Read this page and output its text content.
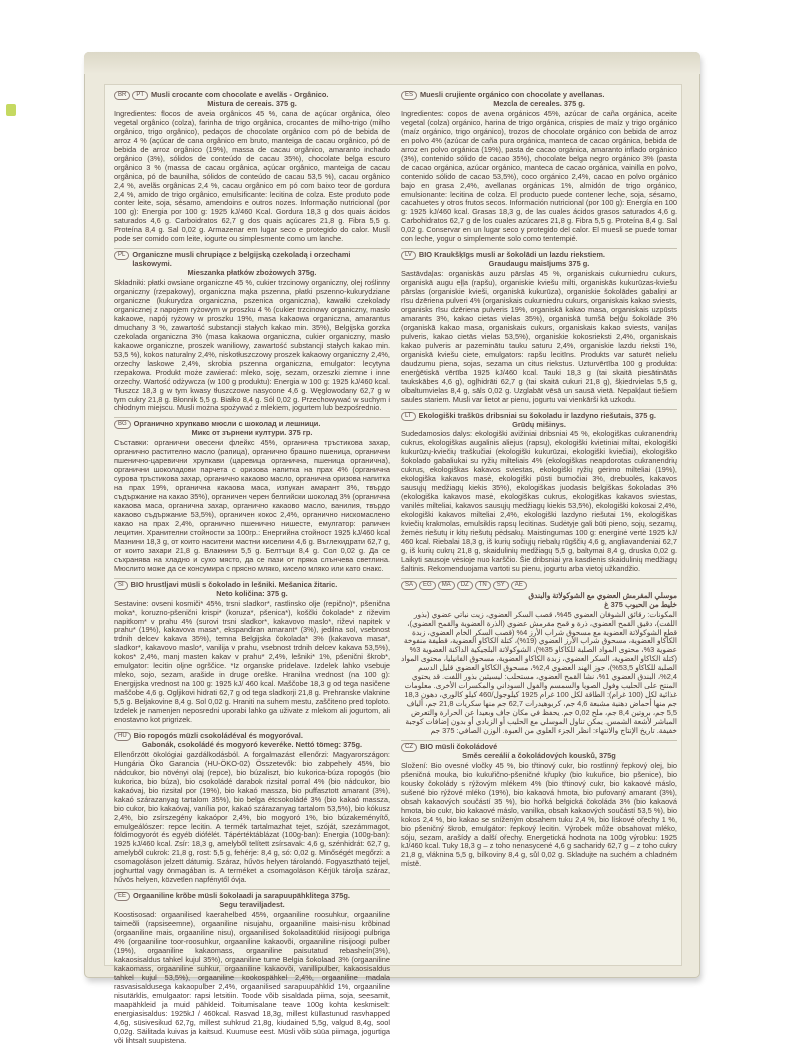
BR	PT Musli crocante com chocolate e avelãs - Orgânico.
Mistura de cereais. 375 g.

Ingredientes: flocos de aveia orgânicos 45 %, cana de açúcar orgânica, óleo vegetal orgânico (colza), farinha de trigo orgânica, crocantes de milho-trigo (milho orgânico, trigo orgânico), pedaços de chocolate orgânico com pó de bebida de arroz 4 % (açúcar de cana orgânico em bruto, manteiga de cacau orgânico, pó de bebida de arroz orgânico (19%), massa de cacau orgânico, amaranto inchado orgânico (3%), sólidos de conteúdo de cacau 35%), chocolate belga escuro orgânico 3 % (massa de cacau orgânica, açúcar orgânico, manteiga de cacau orgânica, pó de baunilha, sólidos de conteúdo de cacau 53,5 %), cacau orgânico 2,4 %, avelãs orgânicas 2,4 %, cacau orgânico em pó com baixo teor de gordura 2,4 %, amido de trigo orgânico, emulsificante: lecitina de colza. Este produto pode conter leite, soja, sésamo, amendoins e outros nozes. Informação nutricional (por 100 g): Energia por 100 g: 1925 kJ/460 Kcal. Gordura 18,3 g dos quais ácidos saturados 4,6 g. Carboidratos 62,7 g dos quais açúcares 21,8 g. Fibra 5,5 g. Proteína 8,4 g. Sal 0,02 g. Armazenar em lugar seco e protegido do calor. Muslí pode ser comido com leite, iogurte ou simplesmente como um lanche.

PL Organiczne musli chrupiące z belgijską czekoladą i orzechami laskowymi.
Mieszanka płatków zbożowych 375g.

Składniki: płatki owsiane organiczne 45 %, cukier trzcinowy organiczny, olej roślinny organiczny (rzepakowy), organiczna mąka pszenna, płatki pszenno-kukurydziane organiczne (kukurydza organiczna, pszenica organiczna), kawałki czekolady organicznej z napojem ryżowym w proszku 4 % (cukier trzcinowy organiczny, masło kakaowe, napój ryżowy w proszku 19%, masa kakaowa organiczna, amarantus dmuchany 3 %, zawartość substancji stałych kakao min. 35%), Belgijska gorzka czekolada organiczna 3% (masa kakaowa organiczna, cukier organiczny, masło kakaowe organiczne, proszek waniliowy, zawartość substancji stałych kakao min. 53,5 %), kokos naturalny 2,4%, niskotłuszczowy proszek kakaowy organiczny 2,4%, orzechy laskowe 2,4%, skrobia pszenna organiczna, emulgator: lecytyna rzepakowa. Produkt może zawierać: mleko, soję, sezam, orzeszki ziemne i inne orzechy. Wartość odżywcza (w 100 g produktu): Energia w 100 g: 1925 kJ/460 kcal. Tłuszcz 18,3 g w tym kwasy tłuszczowe nasycone 4,6 g. Węglowodany 62,7 g w tym cukry 21,8 g. Błonnik 5,5 g. Białko 8,4 g. Sól 0,02 g. Przechowywać w suchym i chłodnym miejscu. Musli można spożywać z mlekiem, jogurtem lub bezpośrednio.

BG Органично хрупкаво мюсли с шоколад и лешници.
Микс от зърнени култури. 375 гр.

Съставки: органични овесени флейкс 45%, органична тръстикова захар, органично растително масло (рапица), органично брашно пшеница, органични пшенично-царевични хрупкави (царевица органична, пшеница органична), органични шоколадови парчета с оризова напитка на прах 4% (органична сурова тръстикова захар, органично какаово масло, органична оризова напитка на прах 19%, органична какаова маса, изпукан амарант 3%, твърдо съдържание на какао 35%), органичен черен белгийски шоколад 3% (органична какаова маса, органична захар, органично какаово масло, ванилия, твърдо какаово съдържание 53,5%), органичен кокос 2,4%, органично нискомаслено какао на прах 2,4%, органично пшенично нишесте, емулгатор: рапичен лецитин. Хранителни стойности за 100гр.: Енергийна стойност 1925 kJ/460 kcal Мазнини 18,3 g, от които наситени мастни киселини 4,6 g. Въглехидрати 62,7 g, от които захари 21,8 g. Влакнини 5,5 g. Белтъци 8,4 g. Сол 0,02 g. Да се съхранява на хладно и сухо място, да се пази от пряка слънчева светлина. Мюслито може да се консумира с прясно мляко, кисело мляко или като снакс.

SI BIO hrustljavi müsli s čokolado in lešniki. Mešanica žitaric.
Neto količina: 375 g.

Sestavine: ovseni kosmiči* 45%, trsni sladkor*, rastlinsko olje (repično)*, pšenična moka*, koruzno-pšenični krispi* (koruza*, pšenica*), koščki čokolade* z riževim napitkom* v prahu 4% (surovi trsni sladkor*, kakavovo maslo*, riževi napitek v prahu* (19%), kakavova masa*, ekspandiran amarant* (3%), jedilna sol, vsebnost trdnih delcev kakava 35%), temna Belgijska čokolada* 3% (kakavova masa*, sladkor*, kakavovo maslo*, vanilija v prahu, vsebnost trdnih delcev kakava 53,5%), kokos* 2,4%, manj masten kakav v prahu* 2,4%, lešniki* 1%, pšenični škrob*, emulgator: lecitin oljne ogrščice. *Iz organske pridelave. Izdelek lahko vsebuje mleko, sojo, sezam, arašide in druge oreške. Hranilna vrednost (na 100 g): Energijska vrednost na 100 g: 1925 kJ/ 460 kcal. Maščobe 18,3 g od tega nasičene maščobe 4,6 g. Ogljikovi hidrati 62,7 g od tega sladkorji 21,8 g. Prehranske vlaknine 5,5 g. Beljakovine 8,4 g. Sol 0,02 g. Hraniti na suhem mestu, zaščiteno pred toploto. Izdelek je namenjen neposredni uporabi lahko ga uživate z mlekom ali jogurtom, ali enostavno kot prigrizek.

HU Bio ropogós müzli csokoládéval és mogyoróval.
Gabonák, csokoládé és mogyoró keveréke. Nettó tömeg: 375g.

Ellenőrzött ökológiai gazdálkodásból. A forgalmazást ellenőrzi: Magyarországon: Hungária Öko Garancia (HU-ÖKO-02) Összetevők: bio zabpehely 45%, bio nádcukor, bio növényi olaj (repce), bio búzaliszt, bio kukorica-búza ropogós (bio kukorica, bio búza), bio csokoládé darabok rizsital porral 4% (bio nádcukor, bio kakaóvaj, bio rizsital por (19%), bio kakaó massza, bio puffasztott amarant (3%), kakaó szárazanyag tartalom 35%), bio belga étcsokoládé 3% (bio kakaó massza, bio cukor, bio kakaóvaj, vanília por, kakaó szárazanyag tartalom 53,5%), bio kókusz 2,4%, bio zsírszegény kakaópor 2,4%, bio mogyoró 1%, bio búzakeményítő, emulgeálószer: repce lecitin. A termék tartalmazhat tejet, szóját, szezámmagot, földimogyorót és egyéb diófélét. Tápértéktáblázat (100g-ban): Energia (100g-ban): 1925 kJ/460 kcal. Zsír: 18,3 g, amelyből telített zsírsavak: 4,6 g, szénhidrát: 62,7 g, amelyből cukrok: 21,8 g, rost: 5,5 g, fehérje: 8,4 g, só: 0,02 g. Minőségét megőrzi: a csomagoláson jelzett dátumig. Száraz, hűvös helyen tárolandó. Fogyasztható tejjel, joghurttal vagy önmagában is. A terméket a csomagoláson Kérjük tárolja száraz, hűvös helyen, közvetlen napfénytől óvja.

EE Orgaaniline krõbe müsli šokolaadi ja sarapuupähklitega 375g.
Segu teraviljadest.

Koostisosad: orgaanilised kaerahelbed 45%, orgaaniline roosuhkur, orgaaniline taimeõli (rapsiseemne), orgaaniline nisujahu, orgaaniline maisi-nisu krõbinad (orgaaniline mais, orgaaniline nisu), orgaanilised šokolaaditükid riisijoogi pulbriga 4% (orgaaniline toor-roosuhkur, orgaaniline kakaovõi, orgaaniline riisijoogi pulber (19%), orgaaniline kakaomass, orgaaniline paisutatud rebasheín(3%), kakaosisaldus tahkel kujul 35%), orgaaniline tume Belgia šokolaad 3% (orgaaniline kakaomass, orgaaniline suhkur, orgaaniline kakaovõi, vanillipulber, kakaosisaldus tahkel kujul 53,5%), orgaaniline kookospähkel 2,4%, orgaaniline madala rasvasisaldusega kakaopulber 2,4%, orgaanilised sarapuupähklid 1%, orgaaniline nisutärklis, emulgaator: rapsi letsitiin. Toode võib sisaldada piima, soja, seesamit, maapähkleid ja muid pähkleid. Toitumisalane teave 100g kohta keskmiselt: energiasisaldus: 1925kJ / 460kcal. Rasvad 18,3g, millest küllastunud rasvhapped 4,6g, süsivesikud 62,7g, millest suhkrud 21,8g, kiudained 5,5g, valgud 8,4g, sool 0,02g. Säilitada kuivas ja kaitsud. Kuumuse eest. Müsli võib süüa piimaga, jogurtiga või lihtsalt suupistena.

ES Muesli crujiente orgánico con chocolate y avellanas.
Mezcla de cereales. 375 g.

Ingredientes: copos de avena orgánicos 45%, azúcar de caña orgánica, aceite vegetal (colza) orgánico, harina de trigo orgánica, crispies de maíz y trigo orgánico (maíz orgánico, trigo orgánico), trozos de chocolate orgánico con bebida de arroz en polvo 4% (azúcar de caña pura orgánica, manteca de cacao orgánica, bebida de arroz en polvo orgánica (19%), pasta de cacao orgánica, amaranto inflado orgánico (3%), contenido sólido de cacao 35%), chocolate belga negro orgánico 3% (pasta de cacao orgánica, azúcar orgánico, manteca de cacao orgánica, vainilla en polvo, contenido sólido de cacao 53,5%), coco orgánico 2,4%, cacao en polvo orgánico bajo en grasa 2,4%, avellanas orgánicas 1%, almidón de trigo orgánico, emulsionante: lecitina de colza. El producto puede contener leche, soja, sésamo, cacahuetes y otros frutos secos. Información nutricional (por 100 g): Energía en 100 g: 1925 kJ/460 kcal. Grasas 18,3 g, de las cuales ácidos grasos saturados 4,6 g. Carbohidratos 62,7 g de los cuales azúcares 21,8 g. Fibra 5,5 g. Proteína 8,4 g. Sal 0,02 g. Conservar en un lugar seco y protegido del calor. El muesli se puede tomar con leche, yogur o simplemente solo como tentempié.

LV BIO Kraukšķīgs musli ar šokolādi un lazdu riekstiem.
Graudaugu maisījums 375 g.

Sastāvdaļas: organiskās auzu pārslas 45 %, organiskais cukurniedru cukurs, organiskā augu eļļa (rapšu), organiskie kviešu milti, organiskās kukurūzas-kviešu pārslas (organiskie kvieši, organiskā kukurūza), organiskie šokolādes gabaliņi ar rīsu dzēriena pulveri 4% (organiskais cukurniedru cukurs, organiskais kakao sviests, organisks rīsu dzēriena pulveris 19%, organiskā kakao masa, organiskais uzpūsts amarants 3%, kakao cietas vielas 35%), organiskā tumšā beļģu šokolāde 3% (organiskā kakao masa, organiskais cukurs, organiskais kakao sviests, vaniļas pulveris, kakao cietās vielas 53,5%), organiskie kokosrieksti 2,4%, organiskais kakao pulveris ar pazeminātu tauku saturu 2,4%, organiskie lazdu rieksti 1%, organiskā kviešu ciete, emulgators: rapšu lecitīns. Produkts var saturēt nelielu daudzumu piena, sojas, sezama un citus riekstus. Uzturvērtība 100 g produkta: enerģētiskā vērtība 1925 kJ/460 kcal. Tauki 18,3 g (tai skaitā piesātinātās taukskābes 4,6 g), ogļhidrāti 62,7 g (tai skaitā cukuri 21,8 g), šķiedrvielas 5,5 g, olbaltumvielas 8,4 g, sāls 0,02 g. Uzglabāt vēsā un sausā vietā. Nepakļaut tiešiem saules stariem. Musli var lietot ar pienu, jogurtu vai vienkārši kā uzkodu.

LT Ekologiški traškūs dribsniai su šokoladu ir lazdyno riešutais, 375 g.
Grūdų mišinys.

Sudedamosios dalys: ekologiški avižiniai dribsniai 45 %, ekologiškas cukranendrių cukrus, ekologiškas augalinis aliejus (rapsų), ekologiški kvietiniai miltai, ekologiški kukurūzų-kviečių traškučiai (ekologiški kukurūzai, ekologiški kviečiai), ekologiško šokolado gabaliukai su ryžių milteliais 4% (ekologiškas neapdorotas cukranendrių cukrus, ekologiškas kakavos sviestas, ekologiški ryžių gėrimo milteliai (19%), ekologiška kakavos masė, ekologiški pūsti burnočiai 3%, drebuolės, kakavos sausųjų medžiagų kiekis 35%), ekologiškas juodasis belgiškas šokoladas 3% (ekologiška kakavos masė, ekologiškas cukrus, ekologiškas kakavos sviestas, vanilės milteliai, kakavos sausųjų medžiagų kiekis 53,5%), ekologiški kokosai 2,4%, ekologiški kakavos milteliai 2,4%, ekologiški lazdyno riešutai 1%, ekologiškas kviečių krakmolas, emulsiklis rapsų lecitinas. Sudėtyje gali būti pieno, sojų, sezamų, žemės riešutų ir kitų riešutų pėdsakų. Maistingumas 100 g: energinė vertė 1925 kJ/ 460 kcal. Riebalai 18,3 g, iš kurių sočiųjų riebalų rūgščių 4,6 g, angliavandeniai 62,7 g, iš kurių cukrų 21,8 g, skaidulinių medžiagų 5,5 g, baltymai 8,4 g, druska 0,02 g. Laikyti sausoje vėsioje nuo karščio. Šie dribsniai yra kasdienis skaidulinių medžiagų šaltinis. Rekomenduojama vartoti su pienu, jogurtu arba vietoj užkandžio.

SA	EG	MA	DZ	TN	SY	AE
موسلي المقرمش العضوي مع الشوكولاتة والبندق
خليط من الحبوب 375 غ

المكونات: رقائق الشوفان العضوي 45%، قصب السكر العضوي، زيت نباتي عضوي (بذور اللفت)، دقيق القمح العضوي، ذرة و قمح مقرمش عضوي (الذرة العضوية والقمح العضوي)، قطع الشوكولاتة العضوية مع مسحوق شراب الأرز 4% (قصب السكر الخام العضوي، زبدة الكاكاو العضوية، مسحوق شراب الأرز العضوي (19%)، كتلة الكاكاو العضوية، قطيفة منفوخة عضوية 3%، محتوى المواد الصلبة للكاكاو 35%)، الشوكولاتة البلجيكية الداكنة العضوية 3% (كتلة الكاكاو العضوية، السكر العضوي، زبدة الكاكاو العضوية، مسحوق الفانيليا، محتوى المواد الصلبة للكاكاو 53,5%)، جوز الهند العضوي 2,4%، مسحوق الكاكاو العضوي قليل الدسم 2,4%، البندق العضوي 1%، نشا القمح العضوي، مستحلب: ليسيثين بذور اللفت. قد يحتوي المنتج على الحليب وفول الصويا والسمسم والفول السوداني والمكسرات الأخرى. معلومات غذائية لكل (100 غرام): الطاقة لكل 100 غرام 1925 كيلوجول/460 كيلو كالوري، دهون 18,3 جم منها أحماض دهنية مشبعة 4,6 جم، كربوهيدرات 62,7 جم منها سكريات 21,8 جم، ألياف 5,5 جم، بروتين 8,4 جم، ملح 0,02 جم. يحفظ في مكان جاف وبعيدا عن الحرارة والتعرض المباشر لأشعة الشمس. يمكن تناول الموسلي مع الحليب أو الزبادي أو بدون إضافات كوجبة خفيفة. تاريخ الإنتاج والانتهاء: انظر الجزء العلوي من العبوة. الوزن الصافي: 375 جم

CZ BIO müsli čokoládové
Směs cereálií a čokoládových kousků, 375g

Složení: Bio ovesné vločky 45 %, bio třtinový cukr, bio rostlinný řepkový olej, bio pšeničná mouka, bio kukuřično-pšeničné křupky (bio kukuřice, bio pšenice), bio kousky čokolády s rýžovým mlékem 4% (bio třtinový cukr, bio kakaové máslo, sušené bio rýžové mléko (19%), bio kakaová hmota, bio pufovaný amarant (3%), obsah kakaových součástí 35 %), bio hořká belgická čokoláda 3% (bio kakaová hmota, bio cukr, bio kakaové máslo, vanilka, obsah kakaových součástí 53,5 %), bio kokos 2,4 %, bio kakao se sníženým obsahem tuku 2,4 %, bio lískové ořechy 1 %, bio pšeničný škrob, emulgátor: řepkový lecitin. Výrobek může obsahovat mléko, sóju, sezam, arašídy a další ořechy. Energetická hodnota na 100g výrobku: 1925 kJ/460 kcal. Tuky 18,3 g – z toho nenasycené 4,6 g sacharidy 62,7 g – z toho cukry 21,8 g, vláknina 5,5 g, bílkoviny 8,4 g, sůl 0,02 g. Skladujte na suchém a chladném místě.
